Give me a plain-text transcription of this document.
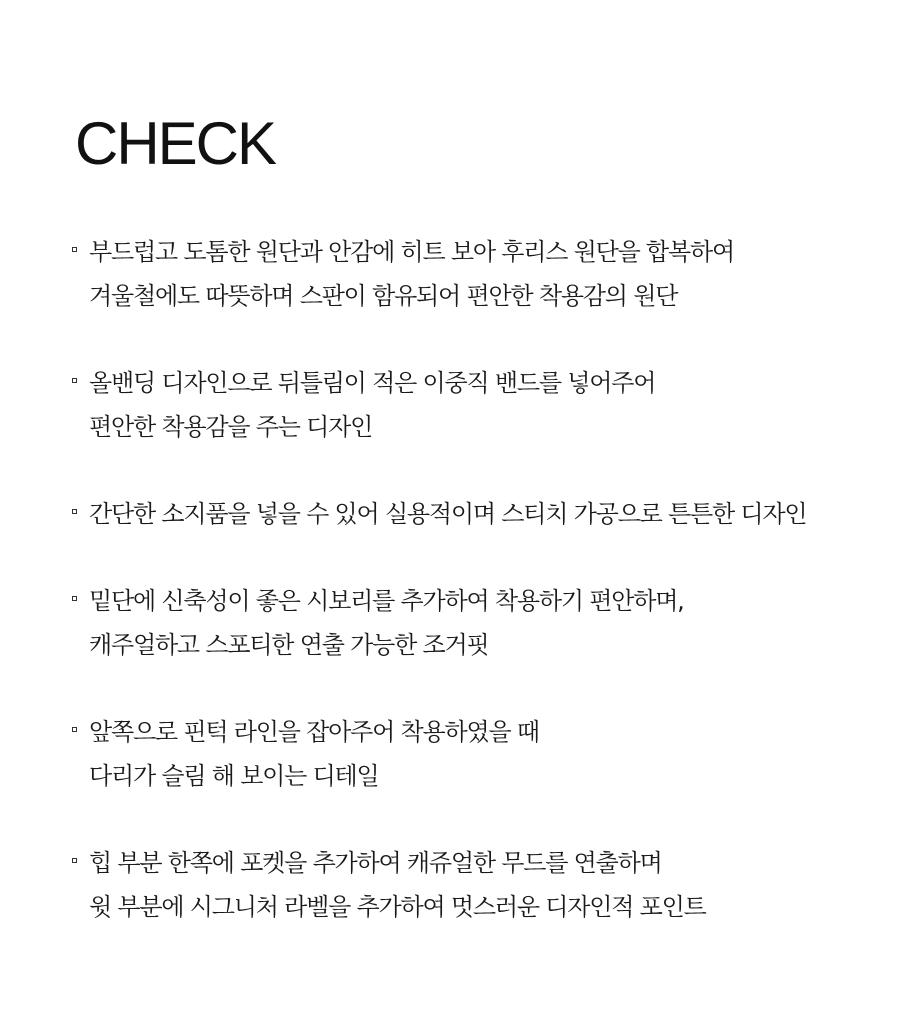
CHECK
부드럽고 도톰한 원단과 안감에 히트 보아 후리스 원단을 합복하여
겨울철에도 따뜻하며 스판이 함유되어 편안한 착용감의 원단
올밴딩 디자인으로 뒤틀림이 적은 이중직 밴드를 넣어주어
편안한 착용감을 주는 디자인
간단한 소지품을 넣을 수 있어 실용적이며 스티치 가공으로 튼튼한 디자인
밑단에 신축성이 좋은 시보리를 추가하여 착용하기 편안하며,
캐주얼하고 스포티한 연출 가능한 조거핏
앞쪽으로 핀턱 라인을 잡아주어 착용하였을 때
다리가 슬림 해 보이는 디테일
힙 부분 한쪽에 포켓을 추가하여 캐쥬얼한 무드를 연출하며
윗 부분에 시그니처 라벨을 추가하여 멋스러운 디자인적 포인트
